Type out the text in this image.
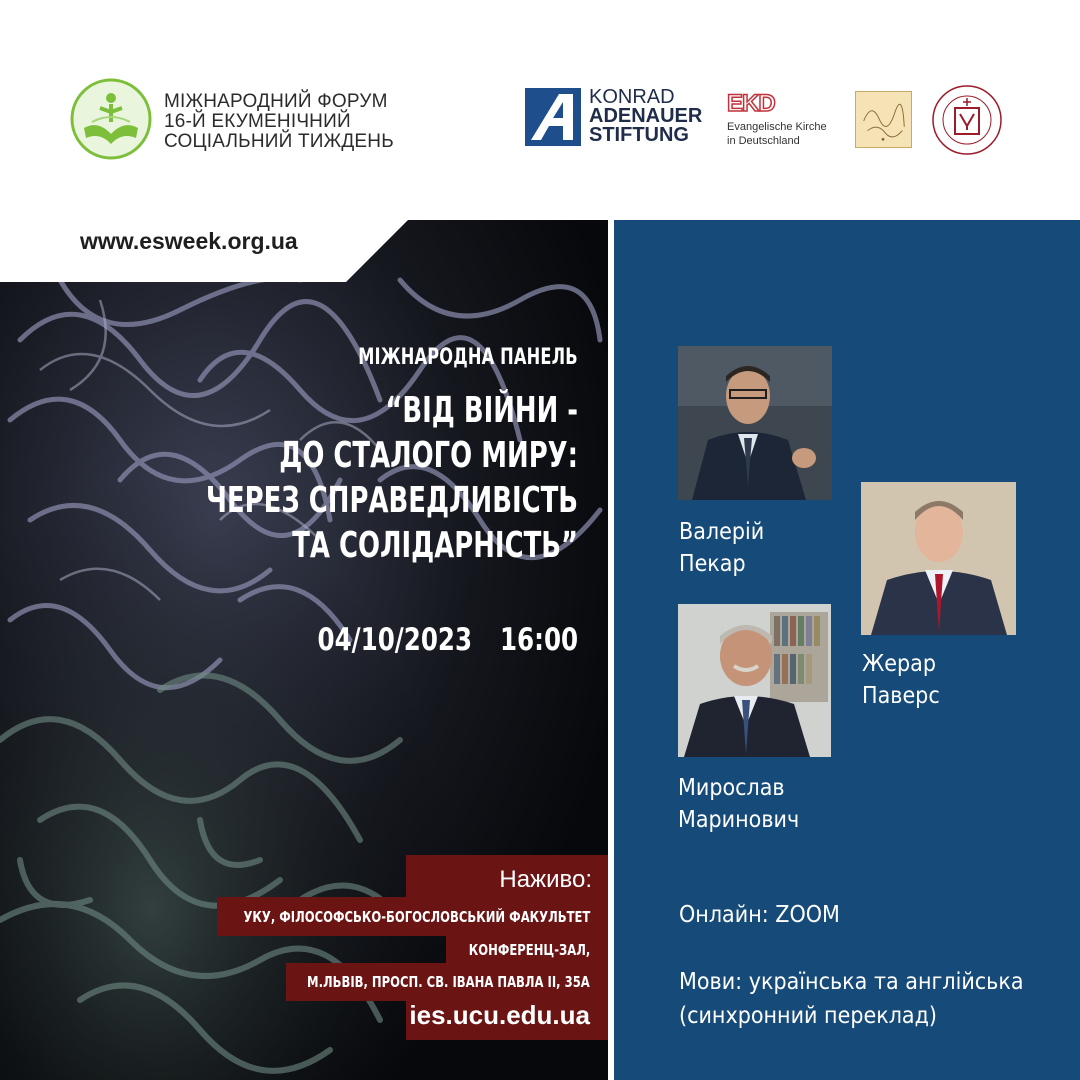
МІЖНАРОДНИЙ ФОРУМ
16-Й ЕКУМЕНІЧНИЙ
СОЦІАЛЬНИЙ ТИЖДЕНЬ
KONRAD
ADENAUER
STIFTUNG
EKD
Evangelische Kirche
in Deutschland
www.esweek.org.ua
МІЖНАРОДНА ПАНЕЛЬ
“ВІД ВІЙНИ -
ДО СТАЛОГО МИРУ:
ЧЕРЕЗ СПРАВЕДЛИВІСТЬ
ТА СОЛІДАРНІСТЬ”
04/10/2023 16:00
Наживо:
УКУ, ФІЛОСОФСЬКО-БОГОСЛОВСЬКИЙ ФАКУЛЬТЕТ
КОНФЕРЕНЦ-ЗАЛ,
М.ЛЬВІВ, ПРОСП. СВ. ІВАНА ПАВЛА ІІ, 35А
ies.ucu.edu.ua
Валерій
Пекар
Жерар
Паверс
Мирослав
Маринович
Онлайн: ZOOM
Мови: українська та англійська
(синхронний переклад)
